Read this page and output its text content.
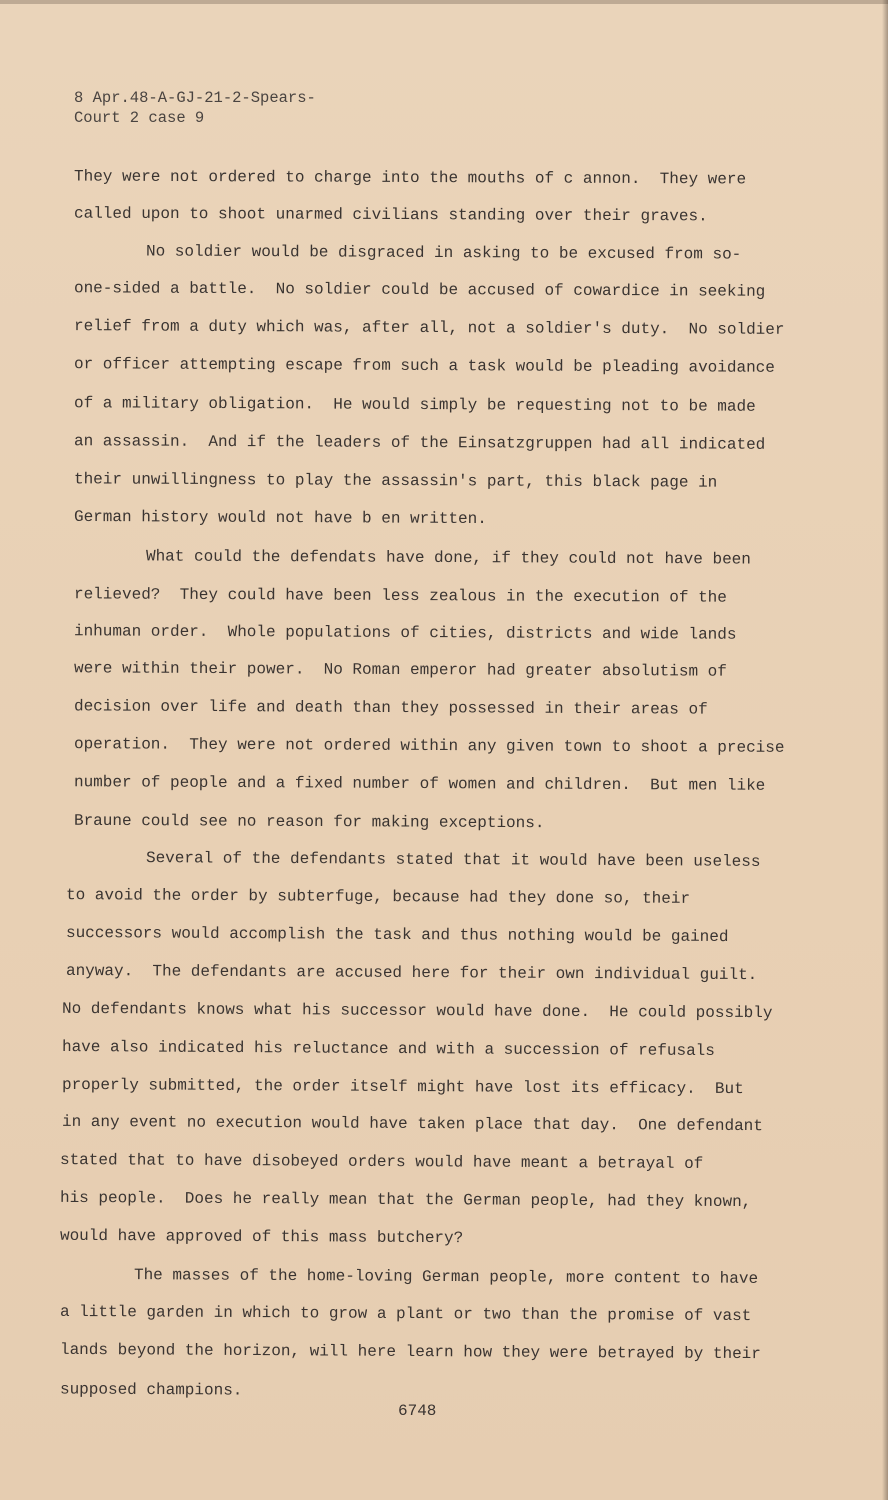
8 Apr.48-A-GJ-21-2-Spears-
Court 2 case 9
They were not ordered to charge into the mouths of c annon.  They were
called upon to shoot unarmed civilians standing over their graves.
No soldier would be disgraced in asking to be excused from so-
one-sided a battle.  No soldier could be accused of cowardice in seeking
relief from a duty which was, after all, not a soldier's duty.  No soldier
or officer attempting escape from such a task would be pleading avoidance
of a military obligation.  He would simply be requesting not to be made
an assassin.  And if the leaders of the Einsatzgruppen had all indicated
their unwillingness to play the assassin's part, this black page in
German history would not have b en written.
What could the defendats have done, if they could not have been
relieved?  They could have been less zealous in the execution of the
inhuman order.  Whole populations of cities, districts and wide lands
were within their power.  No Roman emperor had greater absolutism of
decision over life and death than they possessed in their areas of
operation.  They were not ordered within any given town to shoot a precise
number of people and a fixed number of women and children.  But men like
Braune could see no reason for making exceptions.
Several of the defendants stated that it would have been useless
to avoid the order by subterfuge, because had they done so, their
successors would accomplish the task and thus nothing would be gained
anyway.  The defendants are accused here for their own individual guilt.
No defendants knows what his successor would have done.  He could possibly
have also indicated his reluctance and with a succession of refusals
properly submitted, the order itself might have lost its efficacy.  But
in any event no execution would have taken place that day.  One defendant
stated that to have disobeyed orders would have meant a betrayal of
his people.  Does he really mean that the German people, had they known,
would have approved of this mass butchery?
The masses of the home-loving German people, more content to have
a little garden in which to grow a plant or two than the promise of vast
lands beyond the horizon, will here learn how they were betrayed by their
supposed champions.
6748
